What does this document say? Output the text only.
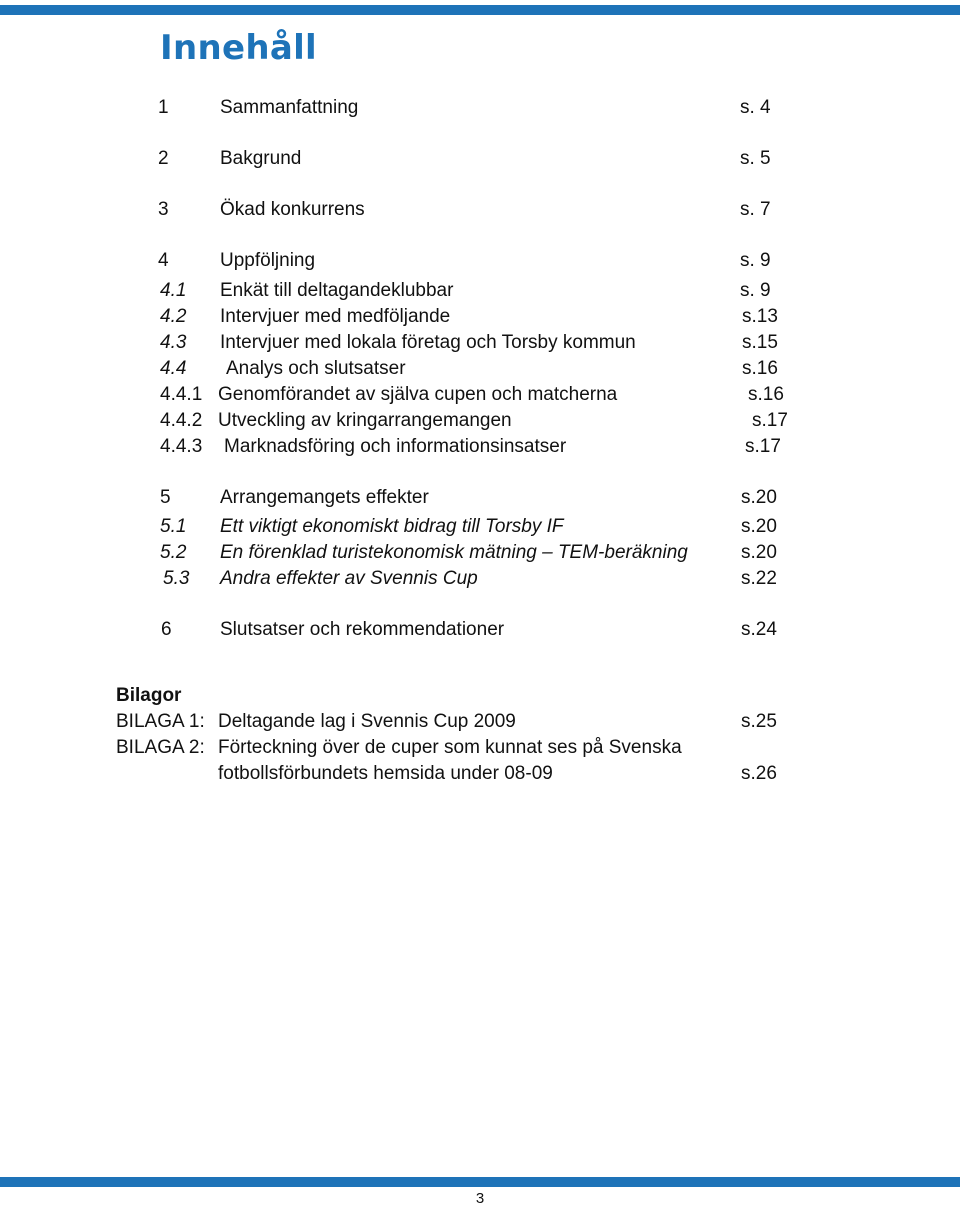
Innehåll
1	Sammanfattning	s. 4
2	Bakgrund	s. 5
3	Ökad konkurrens	s. 7
4	Uppföljning	s. 9
4.1 Enkät till deltagandeklubbar	s. 9
4.2 Intervjuer med medföljande	s.13
4.3 Intervjuer med lokala företag och Torsby kommun	s.15
4.4 Analys och slutsatser	s.16
4.4.1 Genomförandet av själva cupen och matcherna	s.16
4.4.2 Utveckling av kringarrangemangen	s.17
4.4.3 Marknadsföring och informationsinsatser	s.17
5	Arrangemangets effekter	s.20
5.1 Ett viktigt ekonomiskt bidrag till Torsby IF	s.20
5.2 En förenklad turistekonomisk mätning – TEM-beräkning	s.20
5.3 Andra effekter av Svennis Cup	s.22
6	Slutsatser och rekommendationer	s.24
Bilagor
BILAGA 1: Deltagande lag i Svennis Cup 2009	s.25
BILAGA 2: Förteckning över de cuper som kunnat ses på Svenska
fotbollsförbundets hemsida under 08-09	s.26
3
